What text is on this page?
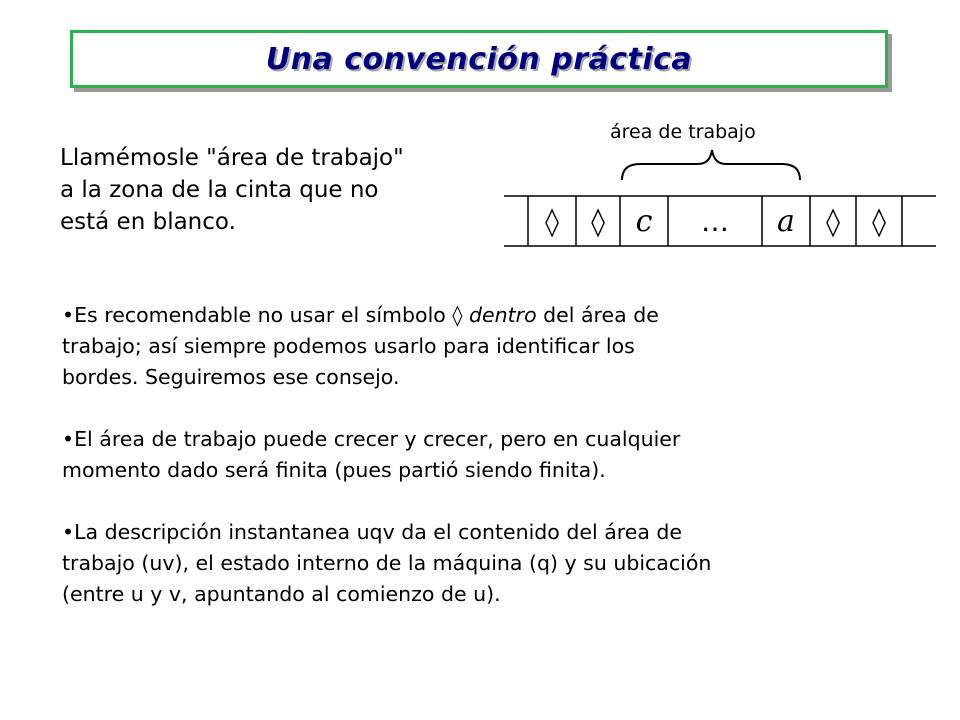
Una convención práctica
Llamémosle "área de trabajo"
a la zona de la cinta que no
está en blanco.
área de trabajo
◊	◊	c	…	a	◊	◊
•Es recomendable no usar el símbolo ◊ dentro del área de
trabajo; así siempre podemos usarlo para identificar los
bordes. Seguiremos ese consejo.
•El área de trabajo puede crecer y crecer, pero en cualquier
momento dado será finita (pues partió siendo finita).
•La descripción instantanea uqv da el contenido del área de
trabajo (uv), el estado interno de la máquina (q) y su ubicación
(entre u y v, apuntando al comienzo de u).
